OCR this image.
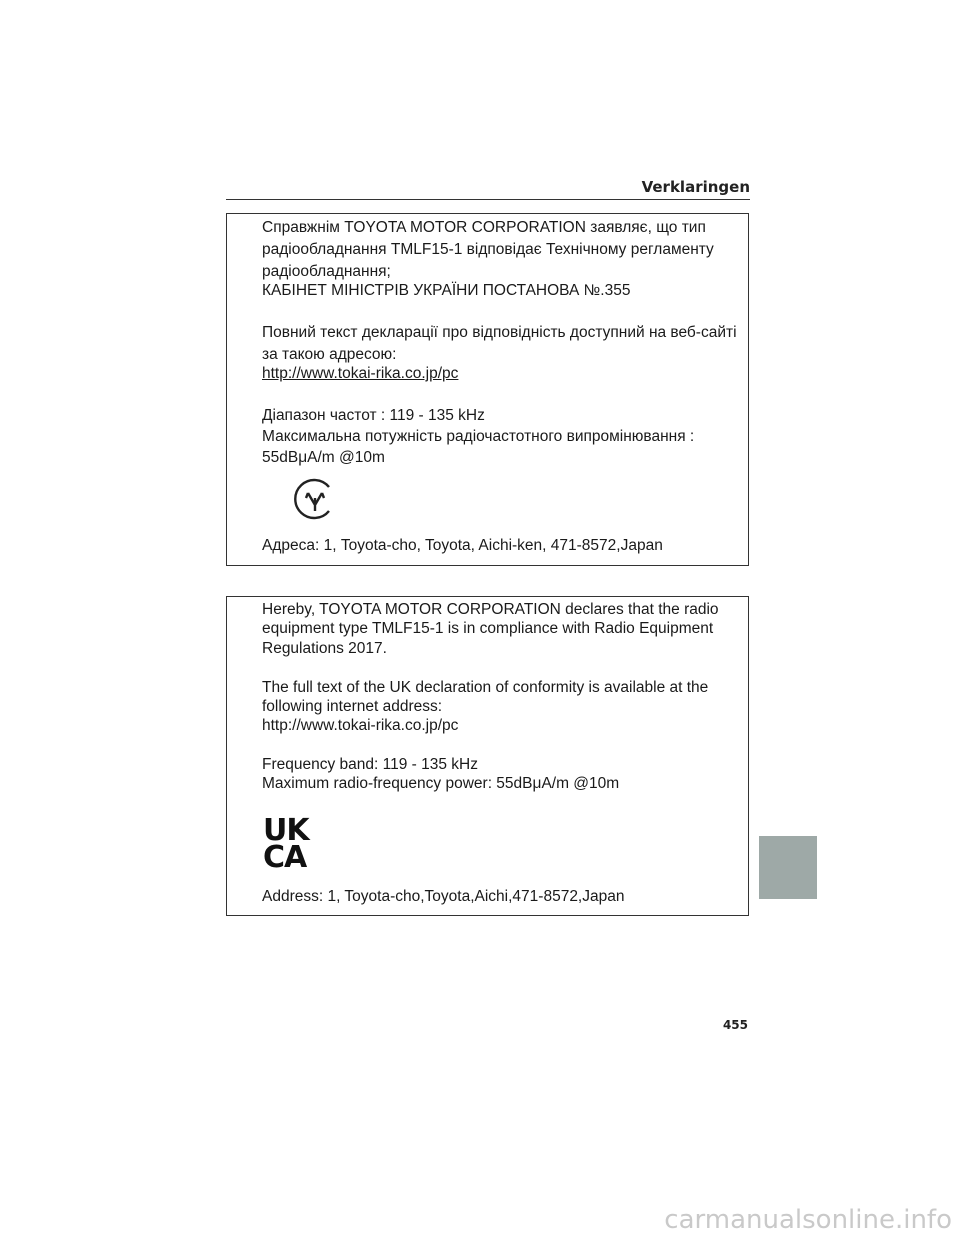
Verklaringen

Справжнім TOYOTA MOTOR CORPORATION заявляє, що тип

радіообладнання TMLF15-1 відповідає Технічному регламенту

радіообладнання;

КАБІНЕТ МІНІСТРІВ УКРАЇНИ ПОСТАНОВА №.355

Повний текст декларації про відповідність доступний на веб-сайті

за такою адресою:

http://www.tokai-rika.co.jp/pc

Діапазон частот : 119 - 135 kHz

Максимальна потужність радіочастотного випромінювання :

55dBμA/m @10m

Адреса: 1, Toyota-cho, Toyota, Aichi-ken, 471-8572,Japan

Hereby, TOYOTA MOTOR CORPORATION declares that the radio

equipment type TMLF15-1 is in compliance with Radio Equipment

Regulations 2017.

The full text of the UK declaration of conformity is available at the

following internet address:

http://www.tokai-rika.co.jp/pc

Frequency band: 119 - 135 kHz

Maximum radio-frequency power: 55dBμA/m @10m

UK
CA

Address: 1, Toyota-cho,Toyota,Aichi,471-8572,Japan

455
carmanualsonline.info
